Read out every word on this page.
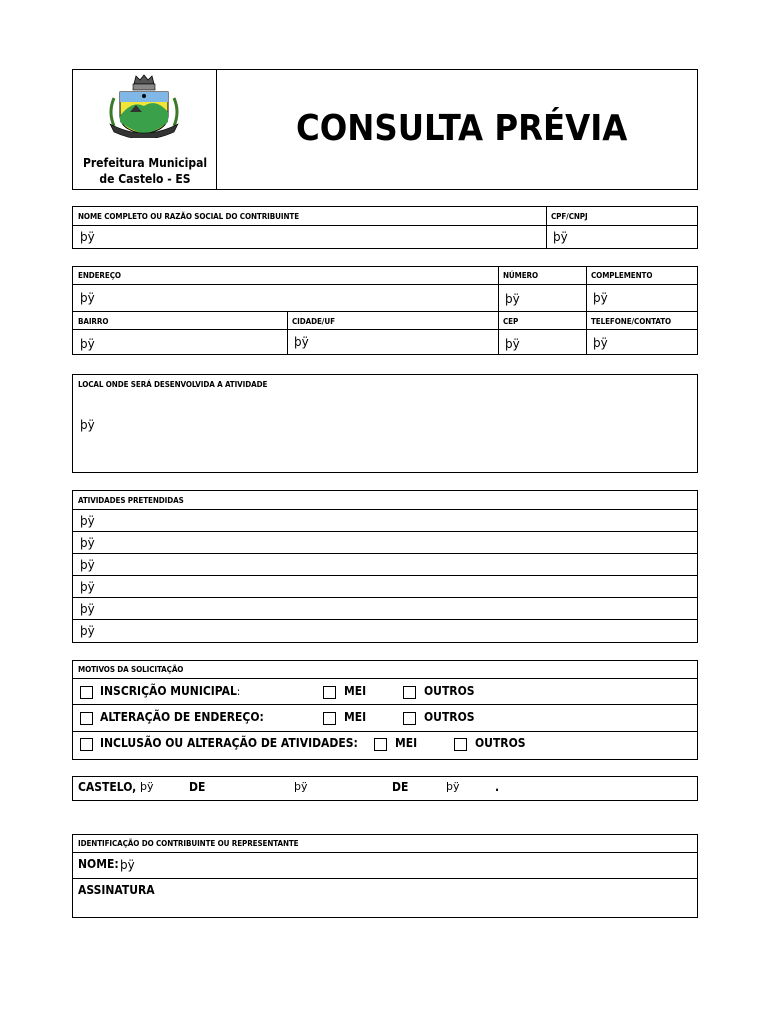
Prefeitura Municipal
de Castelo - ES
CONSULTA PRÉVIA
NOME COMPLETO OU RAZÃO SOCIAL DO CONTRIBUINTE
þÿ
CPF/CNPJ
þÿ
ENDEREÇO
þÿ
NÚMERO
þÿ
COMPLEMENTO
þÿ
BAIRRO
þÿ
CIDADE/UF
þÿ
CEP
þÿ
TELEFONE/CONTATO
þÿ
LOCAL ONDE SERÁ DESENVOLVIDA A ATIVIDADE
þÿ
ATIVIDADES PRETENDIDAS
þÿ
þÿ
þÿ
þÿ
þÿ
þÿ
MOTIVOS DA SOLICITAÇÃO
INSCRIÇÃO MUNICIPAL:	MEI	OUTROS
ALTERAÇÃO DE ENDEREÇO:	MEI	OUTROS
INCLUSÃO OU ALTERAÇÃO DE ATIVIDADES:	MEI	OUTROS
CASTELO, þÿ	DE	þÿ	DE	þÿ	.
IDENTIFICAÇÃO DO CONTRIBUINTE OU REPRESENTANTE
NOME: þÿ
ASSINATURA
